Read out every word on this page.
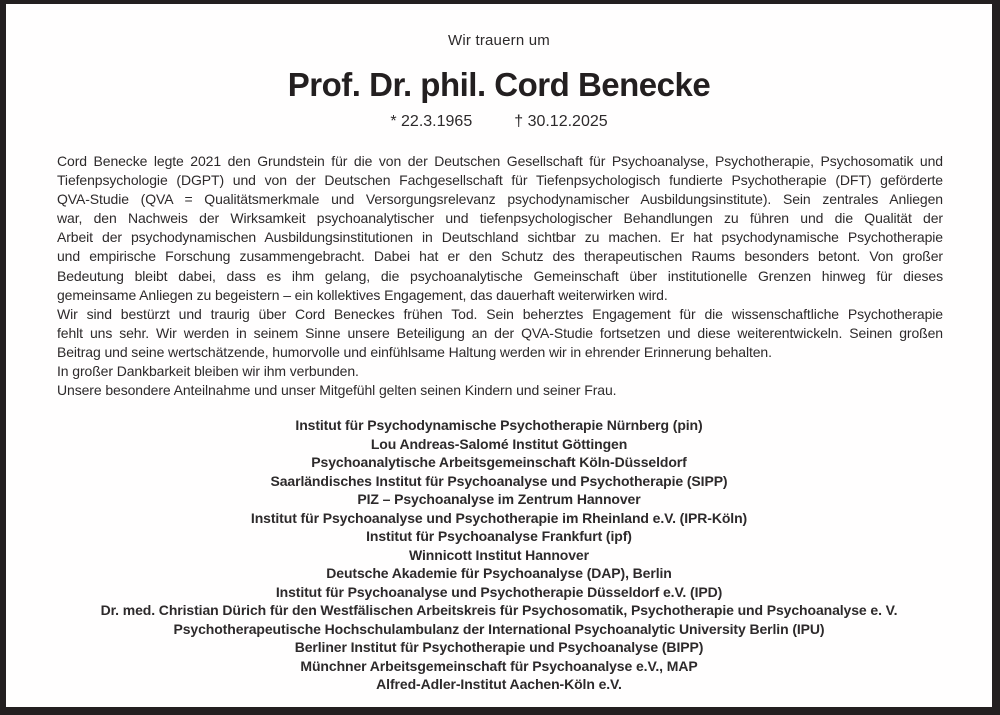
Wir trauern um
Prof. Dr. phil. Cord Benecke
* 22.3.1965	† 30.12.2025
Cord Benecke legte 2021 den Grundstein für die von der Deutschen Gesellschaft für Psychoanalyse, Psychotherapie, Psychosomatik und
Tiefenpsychologie (DGPT) und von der Deutschen Fachgesellschaft für Tiefenpsychologisch fundierte Psychotherapie (DFT) geförderte
QVA-Studie (QVA = Qualitätsmerkmale und Versorgungsrelevanz psychodynamischer Ausbildungsinstitute). Sein zentrales Anliegen
war, den Nachweis der Wirksamkeit psychoanalytischer und tiefenpsychologischer Behandlungen zu führen und die Qualität der
Arbeit der psychodynamischen Ausbildungsinstitutionen in Deutschland sichtbar zu machen. Er hat psychodynamische Psychotherapie
und empirische Forschung zusammengebracht. Dabei hat er den Schutz des therapeutischen Raums besonders betont. Von großer
Bedeutung bleibt dabei, dass es ihm gelang, die psychoanalytische Gemeinschaft über institutionelle Grenzen hinweg für dieses
gemeinsame Anliegen zu begeistern – ein kollektives Engagement, das dauerhaft weiterwirken wird.
Wir sind bestürzt und traurig über Cord Beneckes frühen Tod. Sein beherztes Engagement für die wissenschaftliche Psychotherapie
fehlt uns sehr. Wir werden in seinem Sinne unsere Beteiligung an der QVA-Studie fortsetzen und diese weiterentwickeln. Seinen großen
Beitrag und seine wertschätzende, humorvolle und einfühlsame Haltung werden wir in ehrender Erinnerung behalten.
In großer Dankbarkeit bleiben wir ihm verbunden.
Unsere besondere Anteilnahme und unser Mitgefühl gelten seinen Kindern und seiner Frau.
Institut für Psychodynamische Psychotherapie Nürnberg (pin)
Lou Andreas-Salomé Institut Göttingen
Psychoanalytische Arbeitsgemeinschaft Köln-Düsseldorf
Saarländisches Institut für Psychoanalyse und Psychotherapie (SIPP)
PIZ – Psychoanalyse im Zentrum Hannover
Institut für Psychoanalyse und Psychotherapie im Rheinland e.V. (IPR-Köln)
Institut für Psychoanalyse Frankfurt (ipf)
Winnicott Institut Hannover
Deutsche Akademie für Psychoanalyse (DAP), Berlin
Institut für Psychoanalyse und Psychotherapie Düsseldorf e.V. (IPD)
Dr. med. Christian Dürich für den Westfälischen Arbeitskreis für Psychosomatik, Psychotherapie und Psychoanalyse e. V.
Psychotherapeutische Hochschulambulanz der International Psychoanalytic University Berlin (IPU)
Berliner Institut für Psychotherapie und Psychoanalyse (BIPP)
Münchner Arbeitsgemeinschaft für Psychoanalyse e.V., MAP
Alfred-Adler-Institut Aachen-Köln e.V.
